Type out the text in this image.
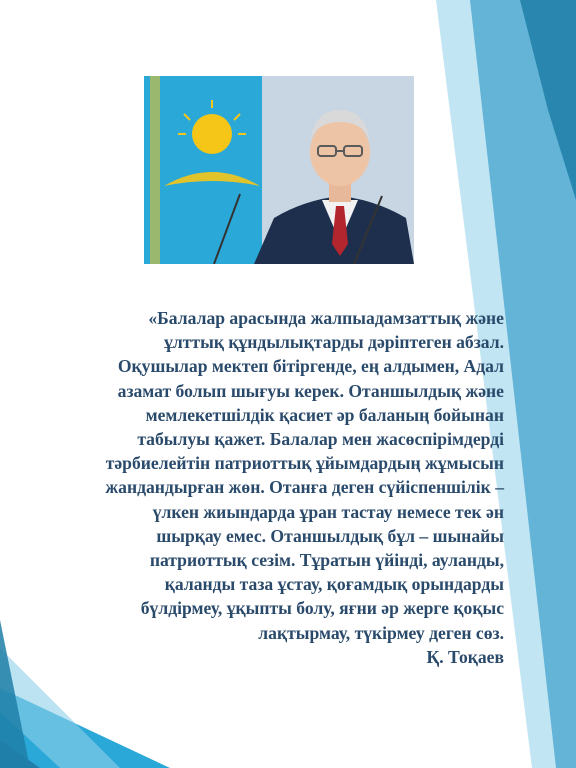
«Балалар арасында жалпыадамзаттық және
ұлттық құндылықтарды дәріптеген абзал.
Оқушылар мектеп бітіргенде, ең алдымен, Адал
азамат болып шығуы керек. Отаншылдық және
мемлекетшілдік қасиет әр баланың бойынан
табылуы қажет. Балалар мен жасөспірімдерді
тәрбиелейтін патриоттық ұйымдардың жұмысын
жандандырған жөн. Отанға деген сүйіспеншілік –
үлкен жиындарда ұран тастау немесе тек ән
шырқау емес. Отаншылдық бұл – шынайы
патриоттық сезім. Тұратын үйінді, ауланды,
қаланды таза ұстау, қоғамдық орындарды
бүлдірмеу, ұқыпты болу, яғни әр жерге қоқыс
лақтырмау, түкірмеу деген сөз.
Қ. Тоқаев
